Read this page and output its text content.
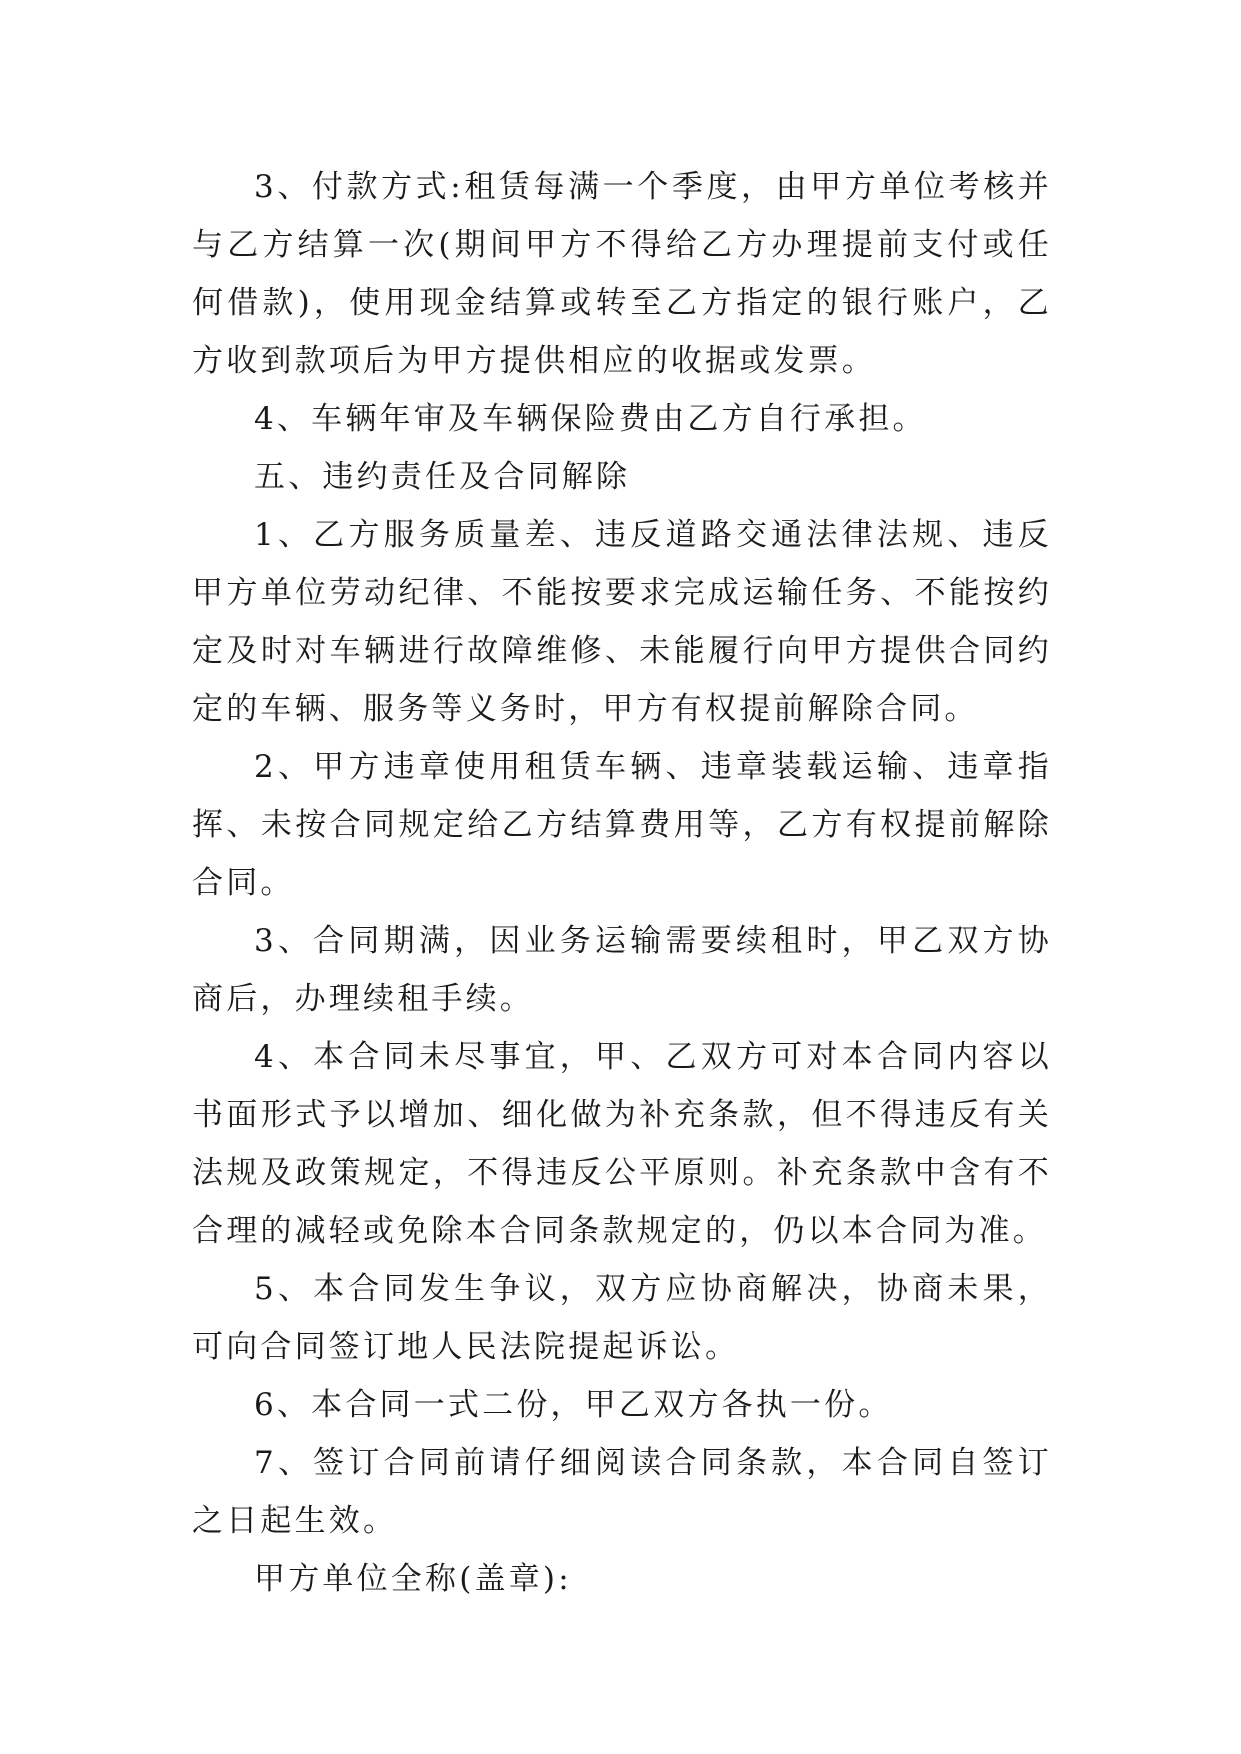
3、付款方式:租赁每满一个季度，由甲方单位考核并与乙方结算一次(期间甲方不得给乙方办理提前支付或任何借款)，使用现金结算或转至乙方指定的银行账户，乙方收到款项后为甲方提供相应的收据或发票。

4、车辆年审及车辆保险费由乙方自行承担。

五、违约责任及合同解除

1、乙方服务质量差、违反道路交通法律法规、违反甲方单位劳动纪律、不能按要求完成运输任务、不能按约定及时对车辆进行故障维修、未能履行向甲方提供合同约定的车辆、服务等义务时，甲方有权提前解除合同。

2、甲方违章使用租赁车辆、违章装载运输、违章指挥、未按合同规定给乙方结算费用等，乙方有权提前解除合同。

3、合同期满，因业务运输需要续租时，甲乙双方协商后，办理续租手续。

4、本合同未尽事宜，甲、乙双方可对本合同内容以书面形式予以增加、细化做为补充条款，但不得违反有关法规及政策规定，不得违反公平原则。补充条款中含有不合理的减轻或免除本合同条款规定的，仍以本合同为准。

5、本合同发生争议，双方应协商解决，协商未果，可向合同签订地人民法院提起诉讼。

6、本合同一式二份，甲乙双方各执一份。

7、签订合同前请仔细阅读合同条款，本合同自签订之日起生效。

甲方单位全称(盖章):
